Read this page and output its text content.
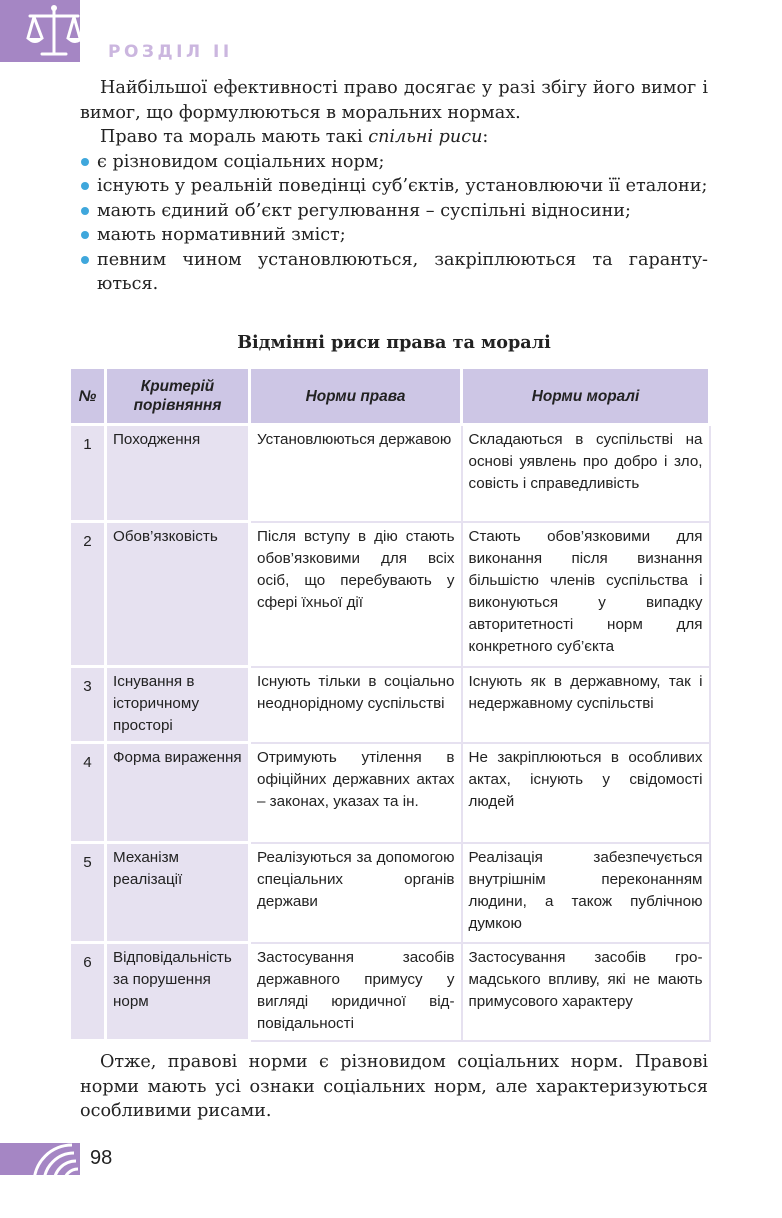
РОЗДІЛ ІІ

Найбільшої ефективності право досягає у разі збігу його вимог і вимог, що формулюються в моральних нормах.

Право та мораль мають такі спільні риси:

є різновидом соціальних норм;
існують у реальній поведінці суб’єктів, установлюючи її еталони;
мають єдиний об’єкт регулювання – суспільні відносини;
мають нормативний зміст;
певним чином установлюються, закріплюються та гарантуються.
Відмінні риси права та моралі
№	Критерій порівняння	Норми права	Норми моралі
1	Походження	Установлюються державою	Складаються в суспільстві на основі уявлень про добро і зло, совість і справедливість
2	Обов’язковість	Після вступу в дію стають обов’язковими для всіх осіб, що перебувають у сфері їхньої дії	Стають обов’язковими для виконання після визнання більшістю членів суспільства і виконуються у випадку авторитетності норм для конкретного суб’єкта
3	Існування в історичному просторі	Існують тільки в соціально неоднорідному суспільстві	Існують як в державному, так і недержавному суспільстві
4	Форма вираження	Отримують утілення в офіційних державних актах – законах, указах та ін.	Не закріплюються в особливих актах, існують у свідомості людей
5	Механізм реалізації	Реалізуються за допомогою спеціальних органів держави	Реалізація забезпечується внутрішнім переконанням людини, а також публічною думкою
6	Відповідальність за порушення норм	Застосування засобів державного примусу у вигляді юридичної відповідальності	Застосування засобів громадського впливу, які не мають примусового характеру

Отже, правові норми є різновидом соціальних норм. Правові норми мають усі ознаки соціальних норм, але характеризуються особливими рисами.

98
